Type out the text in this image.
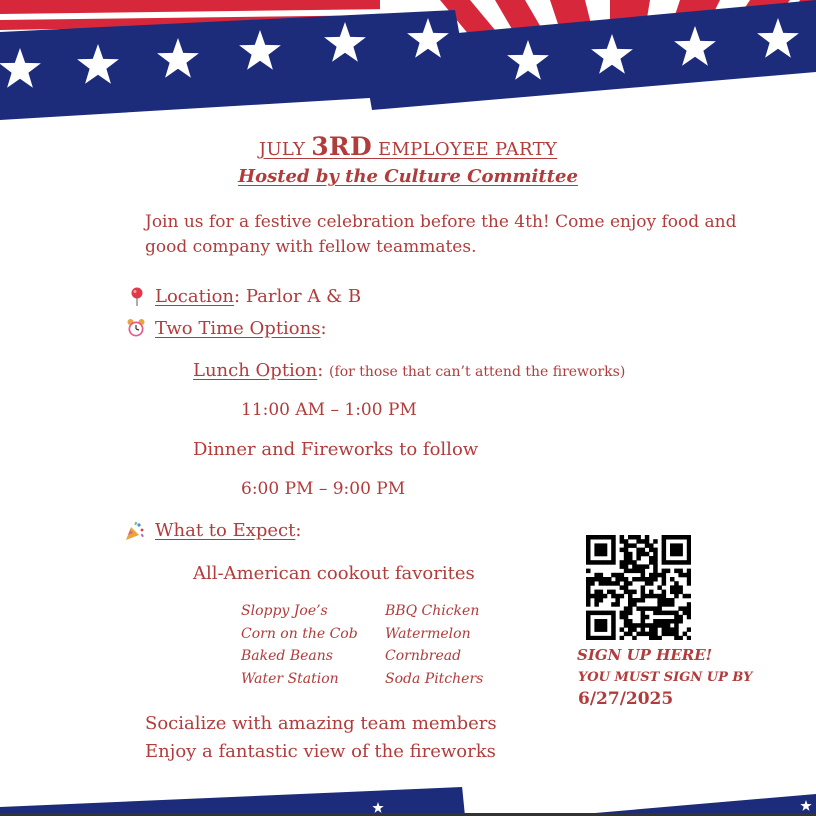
JULY 3RD EMPLOYEE PARTY
Hosted by the Culture Committee
Join us for a festive celebration before the 4th! Come enjoy food and good company with fellow teammates.
Location: Parlor A & B
Two Time Options:
Lunch Option: (for those that can’t attend the fireworks)
11:00 AM – 1:00 PM
Dinner and Fireworks to follow
6:00 PM – 9:00 PM
What to Expect:
All-American cookout favorites
Sloppy Joe’s
Corn on the Cob
Baked Beans
Water Station
BBQ Chicken
Watermelon
Cornbread
Soda Pitchers
Socialize with amazing team members
Enjoy a fantastic view of the fireworks
SIGN UP HERE!
YOU MUST SIGN UP BY
6/27/2025
